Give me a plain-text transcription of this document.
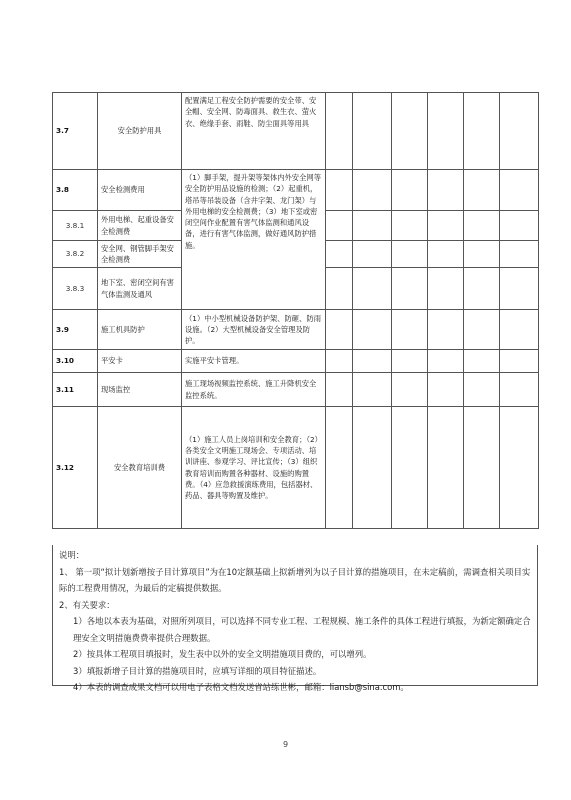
3.7	安全防护用具	配置满足工程安全防护需要的安全带、安全帽、安全网、防毒面具、救生衣、萤火衣、绝缘手套、雨鞋、防尘面具等用具						
3.8	安全检测费用	（1）脚手架，提升架等架体内外安全网等安全防护用品设施的检测；（2）起重机，塔吊等吊装设备（含井字架、龙门架）与外用电梯的安全检测费；（3）地下室或密闭空间作业配置有害气体监测和通风设备，进行有害气体监测，做好通风防护措施。						
3.8.1	外用电梯、起重设备安全检测费							
3.8.2	安全网、钢管脚手架安全检测费							
3.8.3	地下室、密闭空间有害气体监测及通风							
3.9	施工机具防护	（1）中小型机械设备防护架、防砸、防雨设施。（2）大型机械设备安全管理及防护。						
3.10	平安卡	实施平安卡管理。						
3.11	现场监控	施工现场视频监控系统、施工升降机安全监控系统。						
3.12	安全教育培训费	（1）施工人员上岗培训和安全教育；（2）各类安全文明施工现场会、专项活动、培训讲座、参观学习、评比宣传；（3）组织教育培训而购置各种器材、设施的购置费。（4）应急救援演练费用，包括器材、药品、器具等购置及维护。						

说明：

1、 第一项“拟计划新增按子目计算项目”为在10定额基础上拟新增列为以子目计算的措施项目，在未定稿前，需调查相关项目实际的工程费用情况，为最后的定稿提供数据。

2、有关要求：

1）各地以本表为基础，对照所列项目，可以选择不同专业工程、工程规模、施工条件的具体工程进行填报，为新定额确定合理安全文明措施费费率提供合理数据。

2）按具体工程项目填报时，发生表中以外的安全文明措施项目费的，可以增列。

3）填报新增子目计算的措施项目时，应填写详细的项目特征描述。

4）本表的调查成果文档可以用电子表格文档发送省站练世彬，邮箱：liansb@sina.com。

9
